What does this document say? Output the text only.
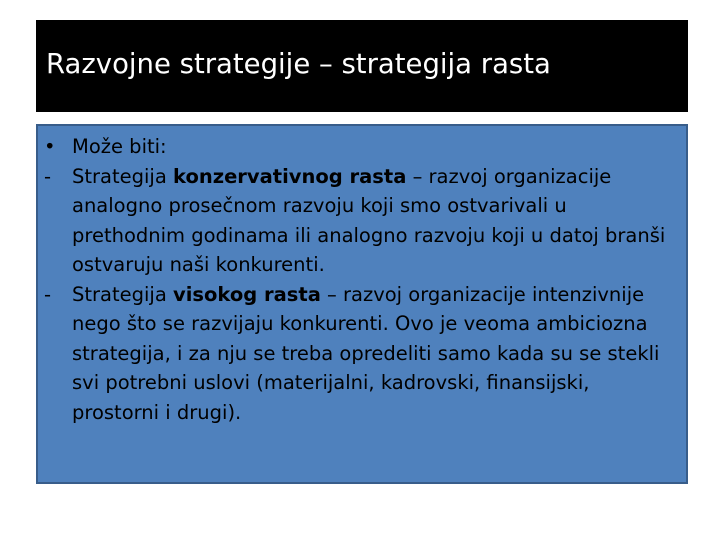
Razvojne strategije – strategija rasta
• Može biti:

-	Strategija konzervativnog rasta – razvoj organizacije analogno prosečnom razvoju koji smo ostvarivali u prethodnim godinama ili analogno razvoju koji u datoj branši ostvaruju naši konkurenti.

-	Strategija visokog rasta – razvoj organizacije intenzivnije nego što se razvijaju konkurenti. Ovo je veoma ambiciozna strategija, i za nju se treba opredeliti samo kada su se stekli svi potrebni uslovi (materijalni, kadrovski, finansijski, prostorni i drugi).
